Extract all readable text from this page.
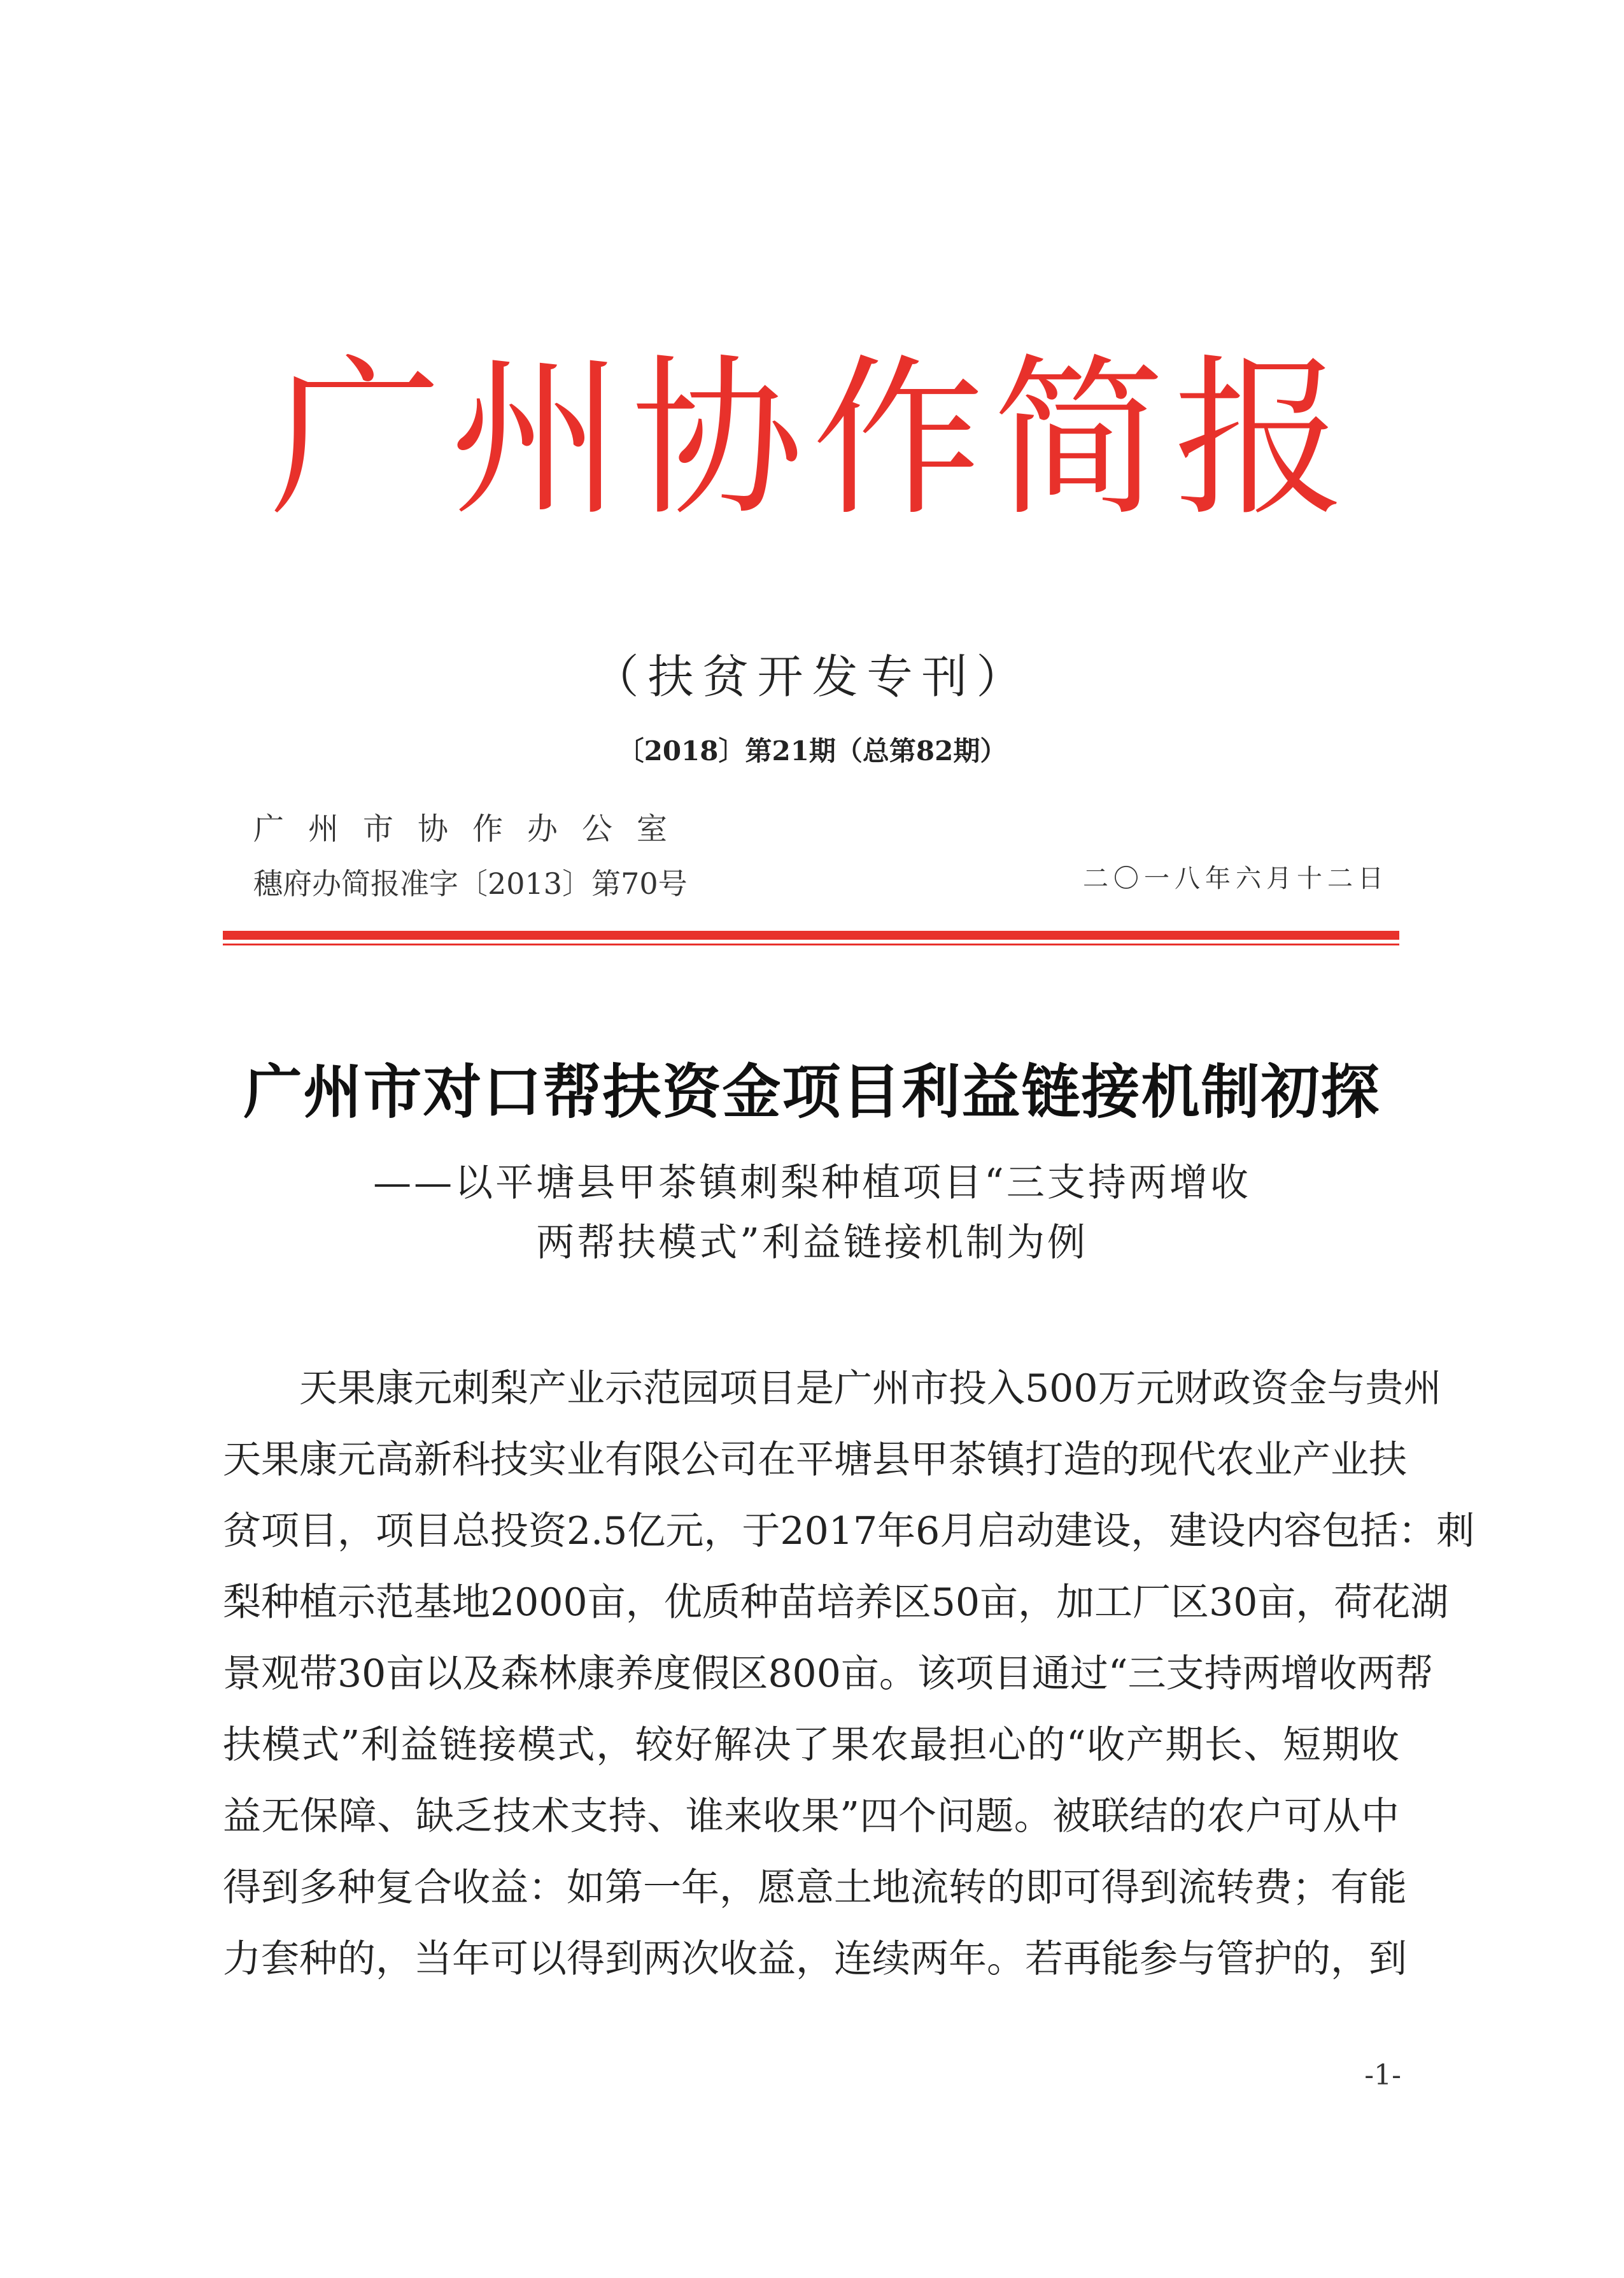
广州协作简报
（扶贫开发专刊）
〔2018〕第21期（总第82期）
广州市协作办公室
穗府办简报准字〔2013〕第70号	二〇一八年六月十二日
广州市对口帮扶资金项目利益链接机制初探
——以平塘县甲茶镇刺梨种植项目“三支持两增收
两帮扶模式”利益链接机制为例
天果康元刺梨产业示范园项目是广州市投入500万元财政资金与贵州
天果康元高新科技实业有限公司在平塘县甲茶镇打造的现代农业产业扶
贫项目，项目总投资2.5亿元，于2017年6月启动建设，建设内容包括：刺
梨种植示范基地2000亩，优质种苗培养区50亩，加工厂区30亩，荷花湖
景观带30亩以及森林康养度假区800亩。该项目通过“三支持两增收两帮
扶模式”利益链接模式，较好解决了果农最担心的“收产期长、短期收
益无保障、缺乏技术支持、谁来收果”四个问题。被联结的农户可从中
得到多种复合收益：如第一年，愿意土地流转的即可得到流转费；有能
力套种的，当年可以得到两次收益，连续两年。若再能参与管护的，到
-1-
